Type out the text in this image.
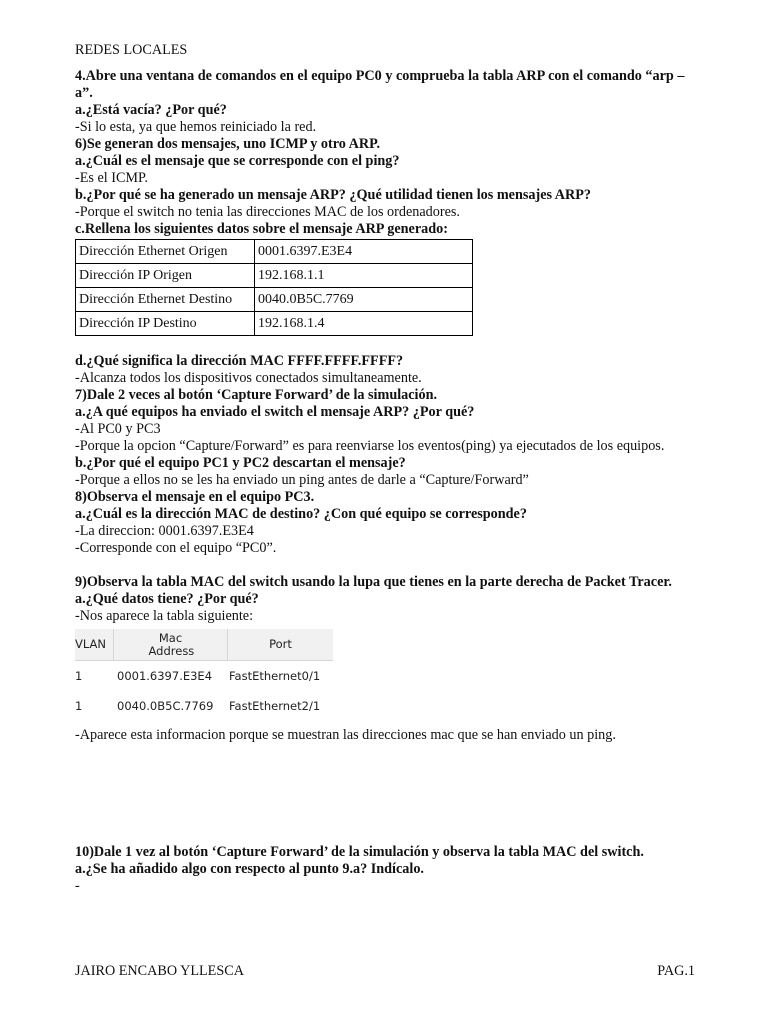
REDES LOCALES
4.Abre una ventana de comandos en el equipo PC0 y comprueba la tabla ARP con el comando “arp –a”.
a.¿Está vacía? ¿Por qué?
-Si lo esta, ya que hemos reiniciado la red.
6)Se generan dos mensajes, uno ICMP y otro ARP.
a.¿Cuál es el mensaje que se corresponde con el ping?
-Es el ICMP.
b.¿Por qué se ha generado un mensaje ARP? ¿Qué utilidad tienen los mensajes ARP?
-Porque el switch no tenia las direcciones MAC de los ordenadores.
c.Rellena los siguientes datos sobre el mensaje ARP generado:
Dirección Ethernet Origen	0001.6397.E3E4
Dirección IP Origen	192.168.1.1
Dirección Ethernet Destino	0040.0B5C.7769
Dirección IP Destino	192.168.1.4
d.¿Qué significa la dirección MAC FFFF.FFFF.FFFF?
-Alcanza todos los dispositivos conectados simultaneamente.
7)Dale 2 veces al botón ‘Capture Forward’ de la simulación.
a.¿A qué equipos ha enviado el switch el mensaje ARP? ¿Por qué?
-Al PC0 y PC3
-Porque la opcion “Capture/Forward” es para reenviarse los eventos(ping) ya ejecutados de los equipos.
b.¿Por qué el equipo PC1 y PC2 descartan el mensaje?
-Porque a ellos no se les ha enviado un ping antes de darle a “Capture/Forward”
8)Observa el mensaje en el equipo PC3.
a.¿Cuál es la dirección MAC de destino? ¿Con qué equipo se corresponde?
-La direccion: 0001.6397.E3E4
-Corresponde con el equipo “PC0”.
9)Observa la tabla MAC del switch usando la lupa que tienes en la parte derecha de Packet Tracer.
a.¿Qué datos tiene? ¿Por qué?
-Nos aparece la tabla siguiente:
VLAN	Mac Address	Port
1	0001.6397.E3E4	FastEthernet0/1
1	0040.0B5C.7769	FastEthernet2/1
-Aparece esta informacion porque se muestran las direcciones mac que se han enviado un ping.
10)Dale 1 vez al botón ‘Capture Forward’ de la simulación y observa la tabla MAC del switch.
a.¿Se ha añadido algo con respecto al punto 9.a? Indícalo.
-
JAIRO ENCABO YLLESCA	PAG.1
